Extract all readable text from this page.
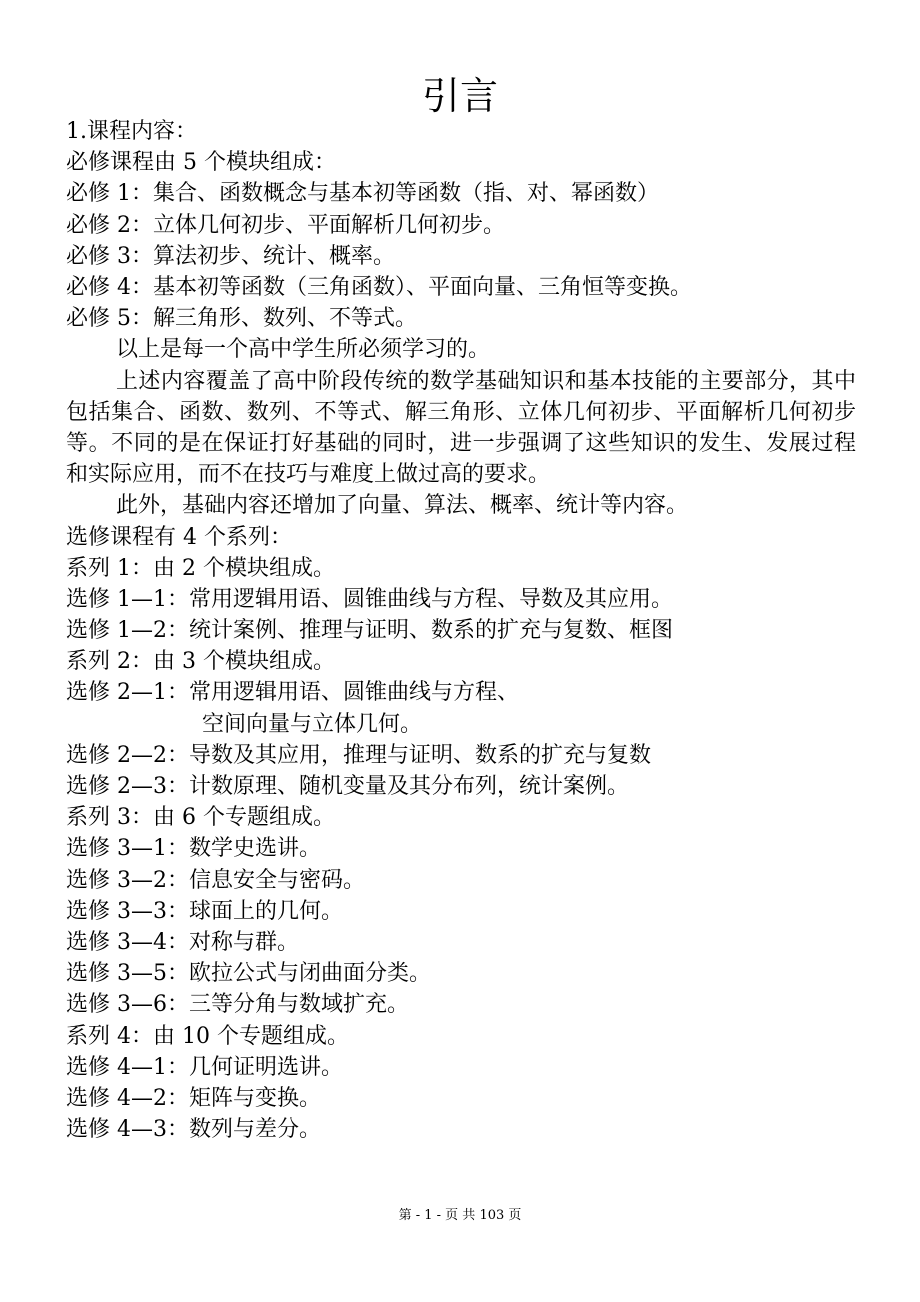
引言
1.课程内容：
必修课程由 5 个模块组成：
必修 1：集合、函数概念与基本初等函数（指、对、幂函数）
必修 2：立体几何初步、平面解析几何初步。
必修 3：算法初步、统计、概率。
必修 4：基本初等函数（三角函数）、平面向量、三角恒等变换。
必修 5：解三角形、数列、不等式。
以上是每一个高中学生所必须学习的。
上述内容覆盖了高中阶段传统的数学基础知识和基本技能的主要部分，其中包括集合、函数、数列、不等式、解三角形、立体几何初步、平面解析几何初步等。不同的是在保证打好基础的同时，进一步强调了这些知识的发生、发展过程和实际应用，而不在技巧与难度上做过高的要求。
此外，基础内容还增加了向量、算法、概率、统计等内容。
选修课程有 4 个系列：
系列 1：由 2 个模块组成。
选修 1—1：常用逻辑用语、圆锥曲线与方程、导数及其应用。
选修 1—2：统计案例、推理与证明、数系的扩充与复数、框图
系列 2：由 3 个模块组成。
选修 2—1：常用逻辑用语、圆锥曲线与方程、
空间向量与立体几何。
选修 2—2：导数及其应用，推理与证明、数系的扩充与复数
选修 2—3：计数原理、随机变量及其分布列，统计案例。
系列 3：由 6 个专题组成。
选修 3—1：数学史选讲。
选修 3—2：信息安全与密码。
选修 3—3：球面上的几何。
选修 3—4：对称与群。
选修 3—5：欧拉公式与闭曲面分类。
选修 3—6：三等分角与数域扩充。
系列 4：由 10 个专题组成。
选修 4—1：几何证明选讲。
选修 4—2：矩阵与变换。
选修 4—3：数列与差分。
第 - 1 - 页 共 103 页
